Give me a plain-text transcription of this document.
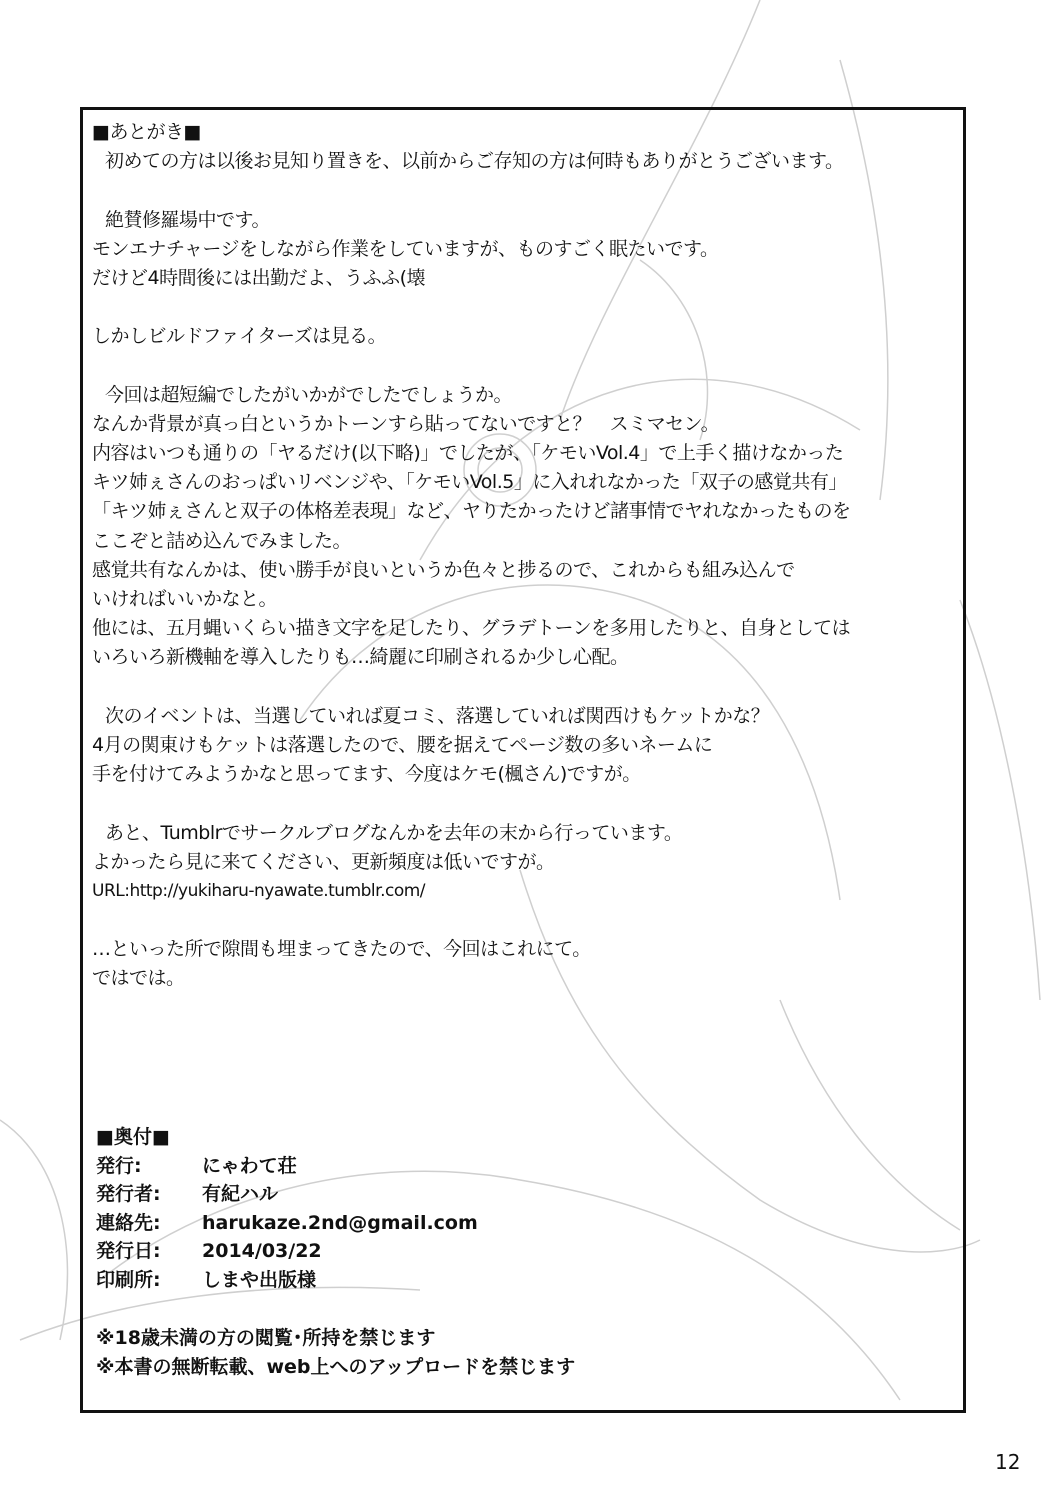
■あとがき■
初めての方は以後お見知り置きを、以前からご存知の方は何時もありがとうございます。
絶賛修羅場中です。
モンエナチャージをしながら作業をしていますが、ものすごく眠たいです。
だけど4時間後には出勤だよ、うふふ(壊
しかしビルドファイターズは見る。
今回は超短編でしたがいかがでしたでしょうか。
なんか背景が真っ白というかトーンすら貼ってないですと？　スミマセン。
内容はいつも通りの「ヤるだけ(以下略)」でしたが、「ケモいVol.4」で上手く描けなかった
キツ姉ぇさんのおっぱいリベンジや、「ケモいVol.5」に入れれなかった「双子の感覚共有」
「キツ姉ぇさんと双子の体格差表現」など、ヤりたかったけど諸事情でヤれなかったものを
ここぞと詰め込んでみました。
感覚共有なんかは、使い勝手が良いというか色々と捗るので、これからも組み込んで
いければいいかなと。
他には、五月蝿いくらい描き文字を足したり、グラデトーンを多用したりと、自身としては
いろいろ新機軸を導入したりも…綺麗に印刷されるか少し心配。
次のイベントは、当選していれば夏コミ、落選していれば関西けもケットかな？
4月の関東けもケットは落選したので、腰を据えてページ数の多いネームに
手を付けてみようかなと思ってます、今度はケモ(楓さん)ですが。
あと、Tumblrでサークルブログなんかを去年の末から行っています。
よかったら見に来てください、更新頻度は低いですが。
URL:http://yukiharu-nyawate.tumblr.com/
…といった所で隙間も埋まってきたので、今回はこれにて。
ではでは。
■奥付■
発行:	にゃわて荘
発行者:	有紀ハル
連絡先:	harukaze.2nd@gmail.com
発行日:	2014/03/22
印刷所:	しまや出版様
※18歳未満の方の閲覧･所持を禁じます
※本書の無断転載、web上へのアップロードを禁じます
12
